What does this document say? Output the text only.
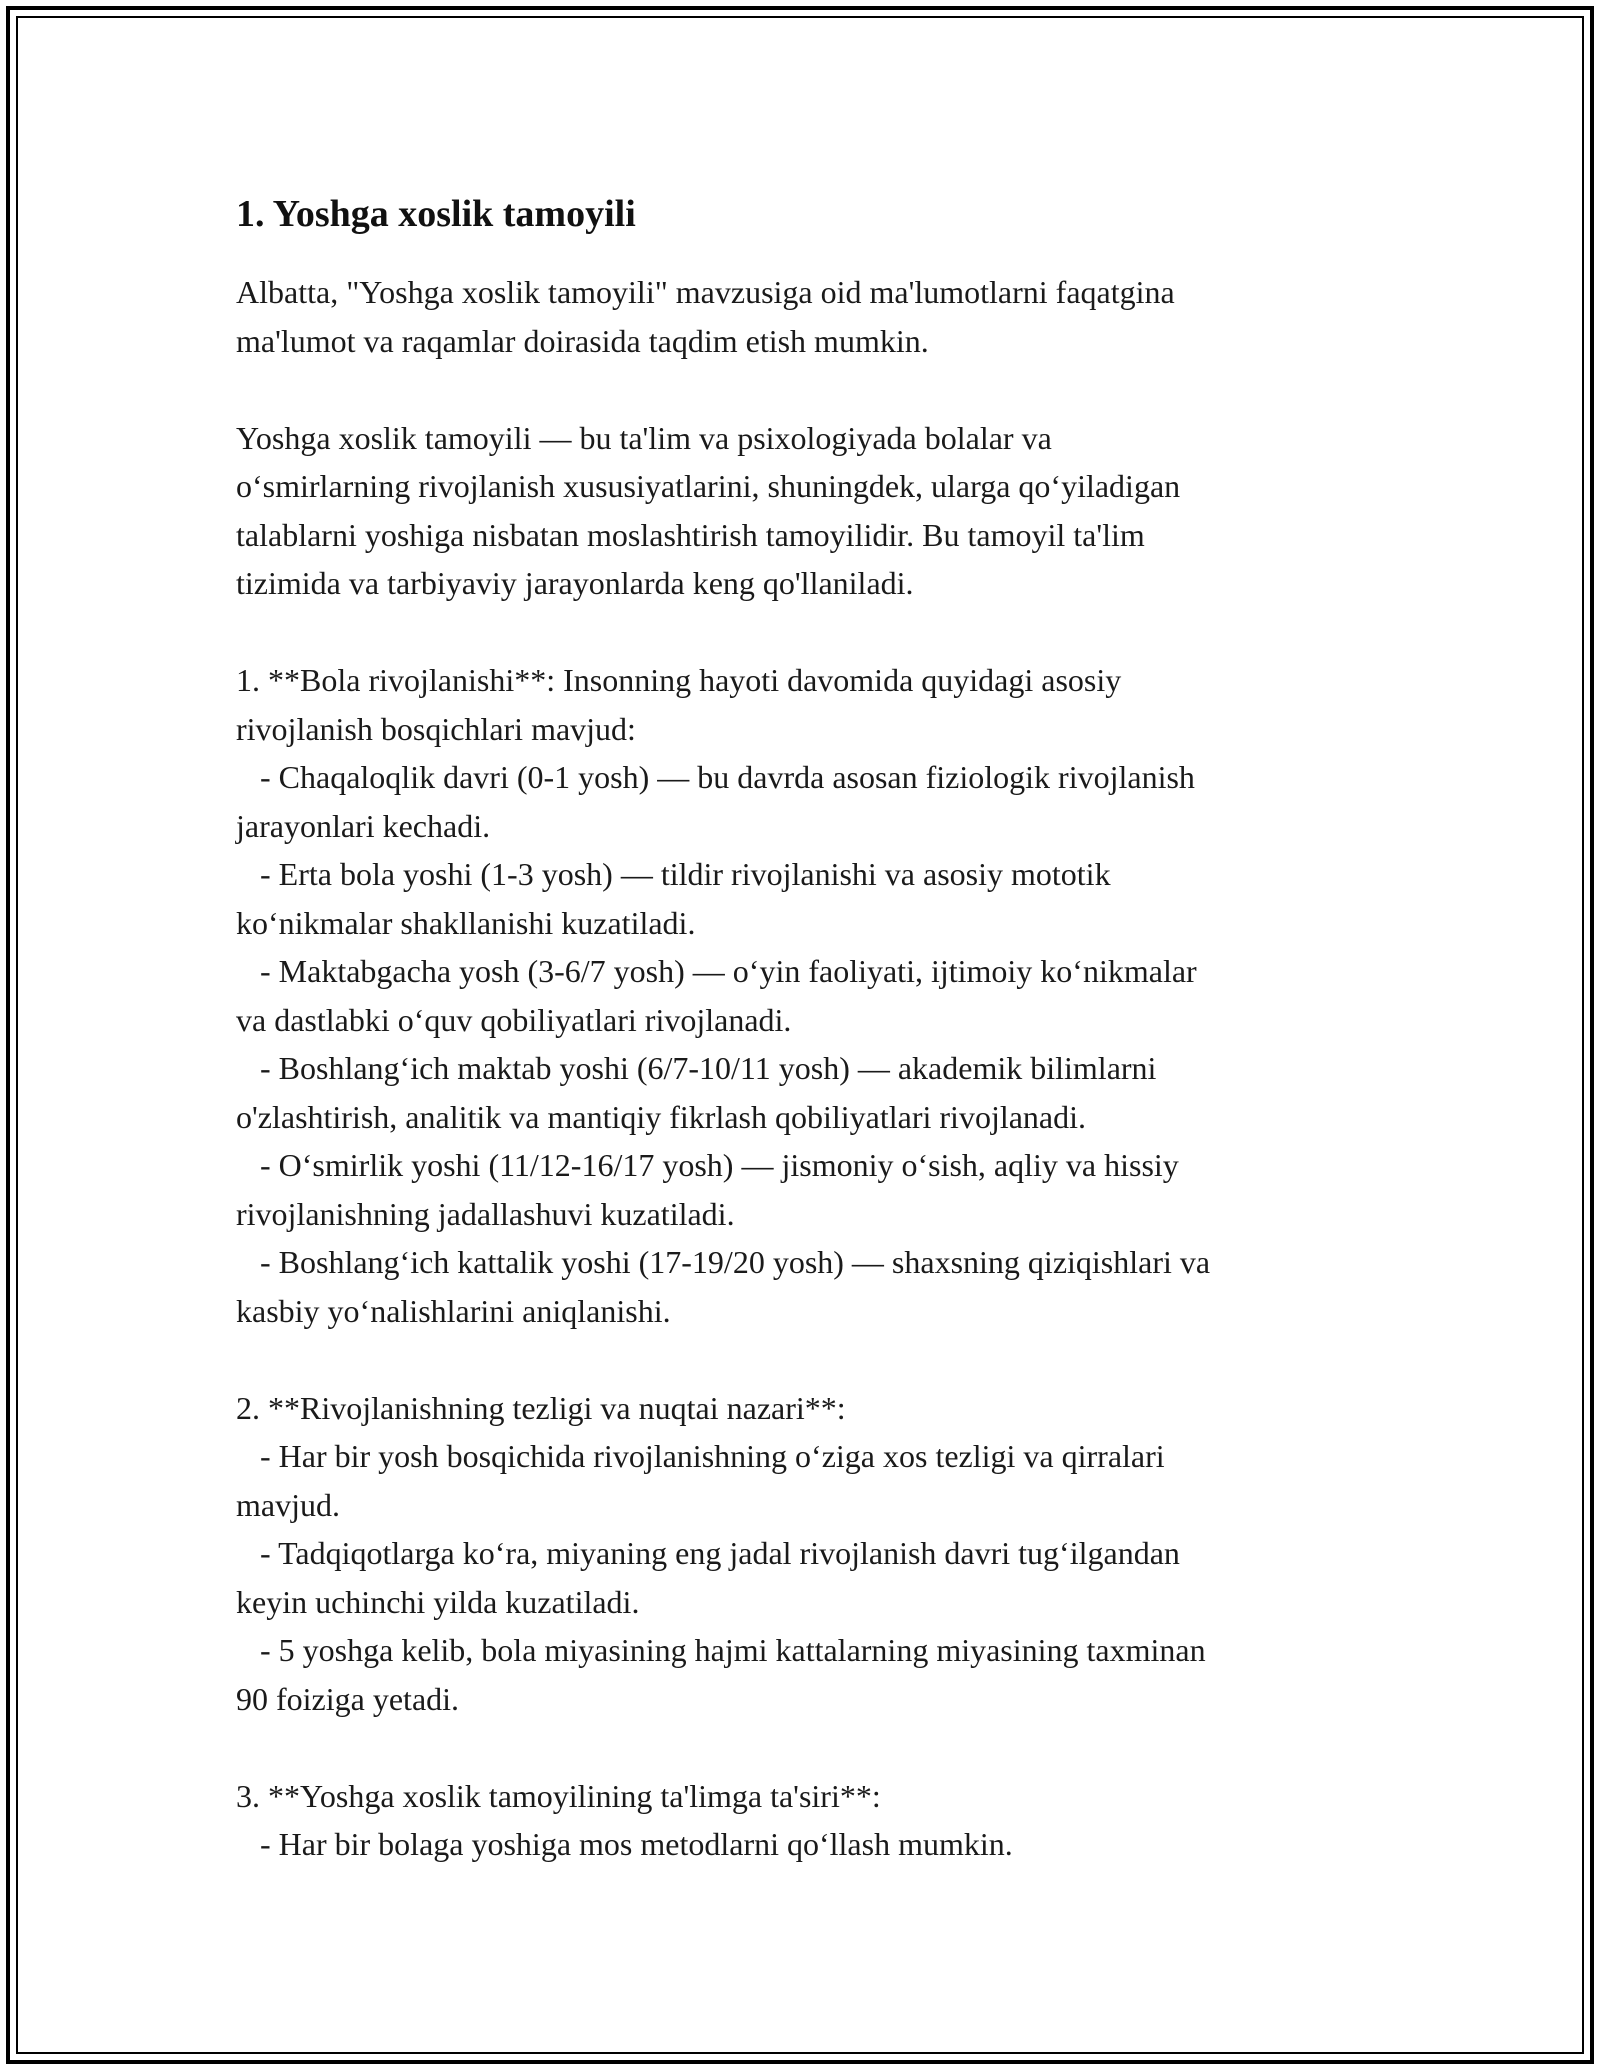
1. Yoshga xoslik tamoyili
Albatta, "Yoshga xoslik tamoyili" mavzusiga oid ma'lumotlarni faqatgina
ma'lumot va raqamlar doirasida taqdim etish mumkin.
Yoshga xoslik tamoyili — bu ta'lim va psixologiyada bolalar va
o‘smirlarning rivojlanish xususiyatlarini, shuningdek, ularga qo‘yiladigan
talablarni yoshiga nisbatan moslashtirish tamoyilidir. Bu tamoyil ta'lim
tizimida va tarbiyaviy jarayonlarda keng qo'llaniladi.
1. **Bola rivojlanishi**: Insonning hayoti davomida quyidagi asosiy
rivojlanish bosqichlari mavjud:
- Chaqaloqlik davri (0-1 yosh) — bu davrda asosan fiziologik rivojlanish
jarayonlari kechadi.
- Erta bola yoshi (1-3 yosh) — tildir rivojlanishi va asosiy mototik
ko‘nikmalar shakllanishi kuzatiladi.
- Maktabgacha yosh (3-6/7 yosh) — o‘yin faoliyati, ijtimoiy ko‘nikmalar
va dastlabki o‘quv qobiliyatlari rivojlanadi.
- Boshlang‘ich maktab yoshi (6/7-10/11 yosh) — akademik bilimlarni
o'zlashtirish, analitik va mantiqiy fikrlash qobiliyatlari rivojlanadi.
- O‘smirlik yoshi (11/12-16/17 yosh) — jismoniy o‘sish, aqliy va hissiy
rivojlanishning jadallashuvi kuzatiladi.
- Boshlang‘ich kattalik yoshi (17-19/20 yosh) — shaxsning qiziqishlari va
kasbiy yo‘nalishlarini aniqlanishi.
2. **Rivojlanishning tezligi va nuqtai nazari**:
- Har bir yosh bosqichida rivojlanishning o‘ziga xos tezligi va qirralari
mavjud.
- Tadqiqotlarga ko‘ra, miyaning eng jadal rivojlanish davri tug‘ilgandan
keyin uchinchi yilda kuzatiladi.
- 5 yoshga kelib, bola miyasining hajmi kattalarning miyasining taxminan
90 foiziga yetadi.
3. **Yoshga xoslik tamoyilining ta'limga ta'siri**:
- Har bir bolaga yoshiga mos metodlarni qo‘llash mumkin.
